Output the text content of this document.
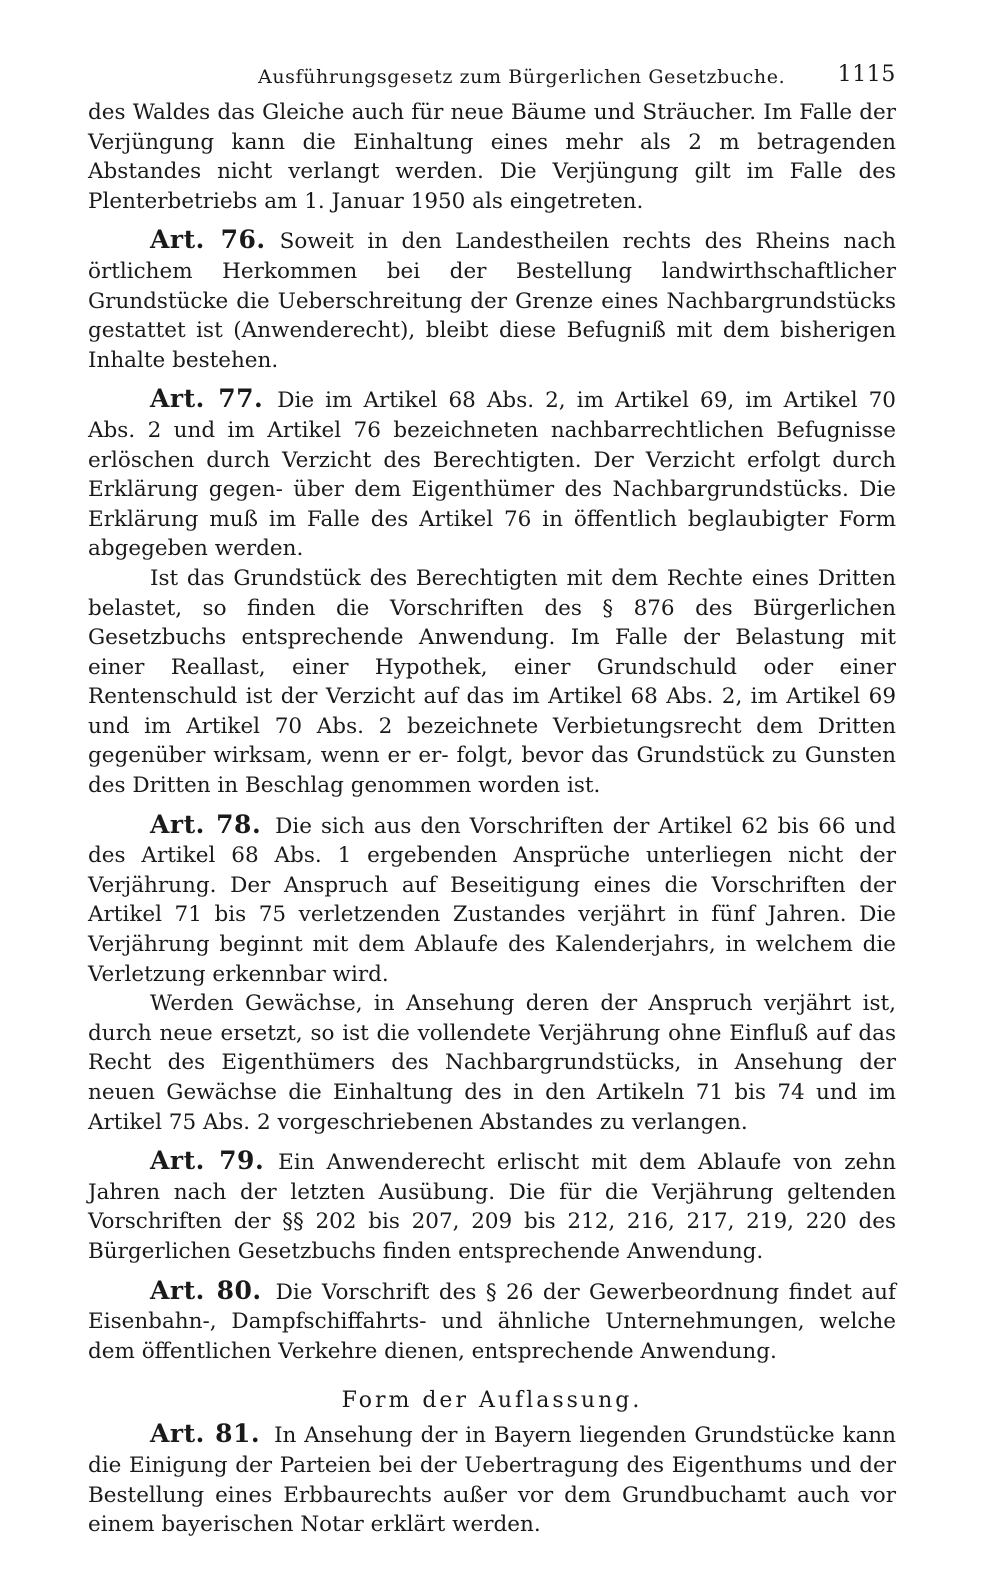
Ausführungsgesetz zum Bürgerlichen Gesetzbuche. 1115

des Waldes das Gleiche auch für neue Bäume und Sträucher. Im Falle der Verjüngung kann die Einhaltung eines mehr als 2 m betragenden Abstandes nicht verlangt werden. Die Verjüngung gilt im Falle des Plenterbetriebs am 1. Januar 1950 als eingetreten.

Art. 76. Soweit in den Landestheilen rechts des Rheins nach örtlichem Herkommen bei der Bestellung landwirthschaftlicher Grundstücke die Ueberschreitung der Grenze eines Nachbargrundstücks gestattet ist (Anwenderecht), bleibt diese Befugniß mit dem bisherigen Inhalte bestehen.

Art. 77. Die im Artikel 68 Abs. 2, im Artikel 69, im Artikel 70 Abs. 2 und im Artikel 76 bezeichneten nachbarrechtlichen Befugnisse erlöschen durch Verzicht des Berechtigten. Der Verzicht erfolgt durch Erklärung gegen- über dem Eigenthümer des Nachbargrundstücks. Die Erklärung muß im Falle des Artikel 76 in öffentlich beglaubigter Form abgegeben werden.

Ist das Grundstück des Berechtigten mit dem Rechte eines Dritten belastet, so finden die Vorschriften des § 876 des Bürgerlichen Gesetzbuchs entsprechende Anwendung. Im Falle der Belastung mit einer Reallast, einer Hypothek, einer Grundschuld oder einer Rentenschuld ist der Verzicht auf das im Artikel 68 Abs. 2, im Artikel 69 und im Artikel 70 Abs. 2 bezeichnete Verbietungsrecht dem Dritten gegenüber wirksam, wenn er er- folgt, bevor das Grundstück zu Gunsten des Dritten in Beschlag genommen worden ist.

Art. 78. Die sich aus den Vorschriften der Artikel 62 bis 66 und des Artikel 68 Abs. 1 ergebenden Ansprüche unterliegen nicht der Verjährung. Der Anspruch auf Beseitigung eines die Vorschriften der Artikel 71 bis 75 verletzenden Zustandes verjährt in fünf Jahren. Die Verjährung beginnt mit dem Ablaufe des Kalenderjahrs, in welchem die Verletzung erkennbar wird.

Werden Gewächse, in Ansehung deren der Anspruch verjährt ist, durch neue ersetzt, so ist die vollendete Verjährung ohne Einfluß auf das Recht des Eigenthümers des Nachbargrundstücks, in Ansehung der neuen Gewächse die Einhaltung des in den Artikeln 71 bis 74 und im Artikel 75 Abs. 2 vorgeschriebenen Abstandes zu verlangen.

Art. 79. Ein Anwenderecht erlischt mit dem Ablaufe von zehn Jahren nach der letzten Ausübung. Die für die Verjährung geltenden Vorschriften der §§ 202 bis 207, 209 bis 212, 216, 217, 219, 220 des Bürgerlichen Gesetzbuchs finden entsprechende Anwendung.

Art. 80. Die Vorschrift des § 26 der Gewerbeordnung findet auf Eisenbahn-, Dampfschiffahrts- und ähnliche Unternehmungen, welche dem öffentlichen Verkehre dienen, entsprechende Anwendung.

Form der Auflassung.

Art. 81. In Ansehung der in Bayern liegenden Grundstücke kann die Einigung der Parteien bei der Uebertragung des Eigenthums und der Bestellung eines Erbbaurechts außer vor dem Grundbuchamt auch vor einem bayerischen Notar erklärt werden.
